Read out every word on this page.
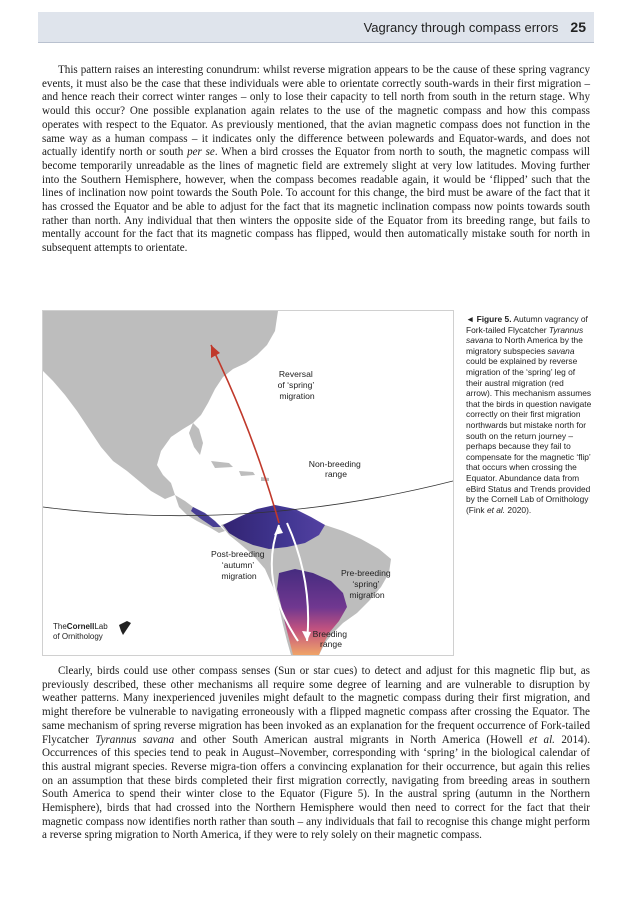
Vagrancy through compass errors 25

This pattern raises an interesting conundrum: whilst reverse migration appears to be the cause of these spring vagrancy events, it must also be the case that these individuals were able to orientate correctly south-wards in their first migration – and hence reach their correct winter ranges – only to lose their capacity to tell north from south in the return stage. Why would this occur? One possible explanation again relates to the use of the magnetic compass and how this compass operates with respect to the Equator. As previously mentioned, that the avian magnetic compass does not function in the same way as a human compass – it indicates only the difference between polewards and Equator-wards, and does not actually identify north or south per se. When a bird crosses the Equator from north to south, the magnetic compass will become temporarily unreadable as the lines of magnetic field are extremely slight at very low latitudes. Moving further into the Southern Hemisphere, however, when the compass becomes readable again, it would be ‘flipped’ such that the lines of inclination now point towards the South Pole. To account for this change, the bird must be aware of the fact that it has crossed the Equator and be able to adjust for the fact that its magnetic inclination compass now points towards south rather than north. Any individual that then winters the opposite side of the Equator from its breeding range, but fails to mentally account for the fact that its magnetic compass has flipped, would then automatically mistake south for north in subsequent attempts to orientate.

Reversal of ‘spring’ migration
Non-breeding range
Post-breeding ‘autumn’ migration	Pre-breeding ‘spring’ migration
Breeding range
TheCornellLab
of Ornithology
◄ Figure 5. Autumn vagrancy of Fork-tailed Flycatcher Tyrannus savana to North America by the migratory subspecies savana could be explained by reverse migration of the ‘spring’ leg of their austral migration (red arrow). This mechanism assumes that the birds in question navigate correctly on their first migration northwards but mistake north for south on the return journey – perhaps because they fail to compensate for the magnetic ‘flip’ that occurs when crossing the Equator. Abundance data from eBird Status and Trends provided by the Cornell Lab of Ornithology (Fink et al. 2020).

Clearly, birds could use other compass senses (Sun or star cues) to detect and adjust for this magnetic flip but, as previously described, these other mechanisms all require some degree of learning and are vulnerable to disruption by weather patterns. Many inexperienced juveniles might default to the magnetic compass during their first migration, and might therefore be vulnerable to navigating erroneously with a flipped magnetic compass after crossing the Equator. The same mechanism of spring reverse migration has been invoked as an explanation for the frequent occurrence of Fork-tailed Flycatcher Tyrannus savana and other South American austral migrants in North America (Howell et al. 2014). Occurrences of this species tend to peak in August–November, corresponding with ‘spring’ in the biological calendar of this austral migrant species. Reverse migra-tion offers a convincing explanation for their occurrence, but again this relies on an assumption that these birds completed their first migration correctly, navigating from breeding areas in southern South America to spend their winter close to the Equator (Figure 5). In the austral spring (autumn in the Northern Hemisphere), birds that had crossed into the Northern Hemisphere would then need to correct for the fact that their magnetic compass now identifies north rather than south – any individuals that fail to recognise this change might perform a reverse spring migration to North America, if they were to rely solely on their magnetic compass.
